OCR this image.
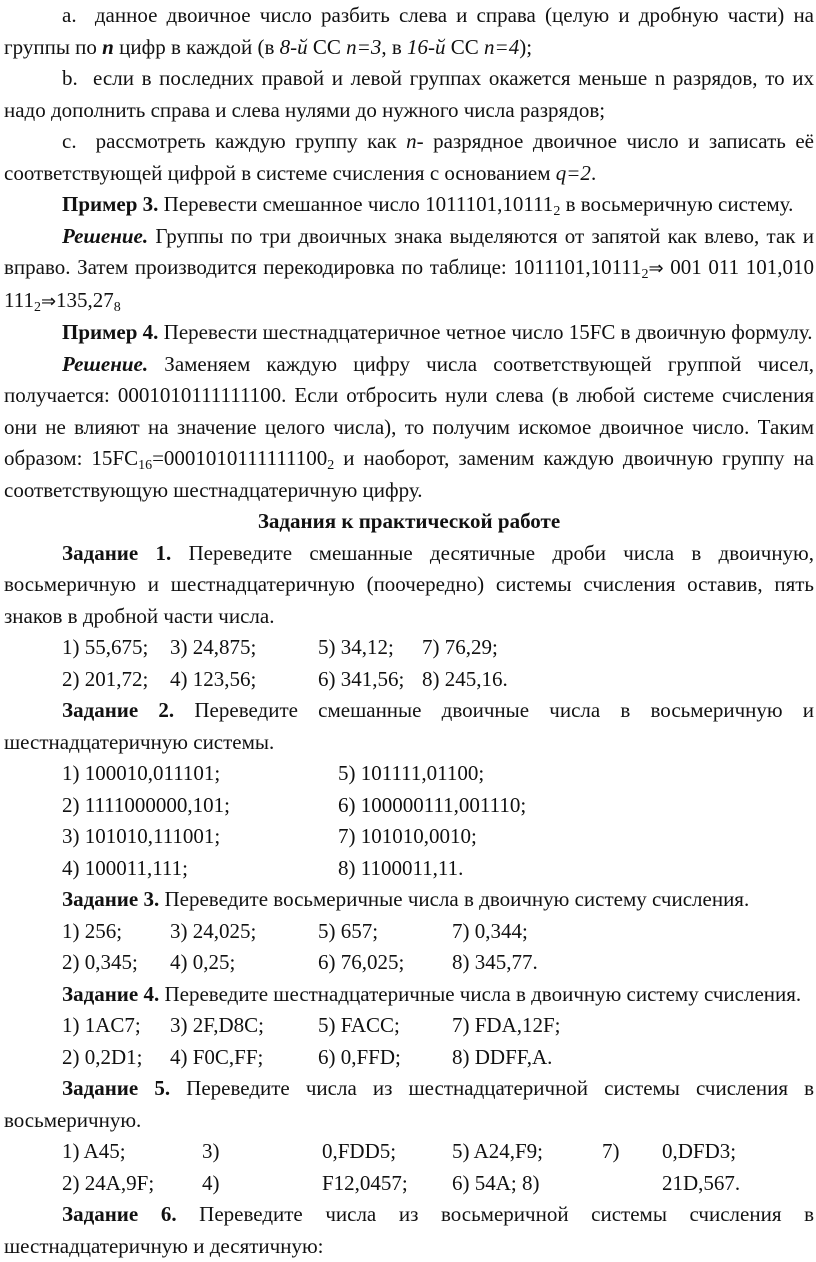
a. данное двоичное число разбить слева и справа (целую и дробную части) на группы по n цифр в каждой (в 8-й СС n=3, в 16-й СС n=4);

b. если в последних правой и левой группах окажется меньше n разрядов, то их надо дополнить справа и слева нулями до нужного числа разрядов;

c. рассмотреть каждую группу как n- разрядное двоичное число и записать её соответствующей цифрой в системе счисления с основанием q=2.

Пример 3. Перевести смешанное число $1011101,10111_2$ в восьмеричную систему.

Решение. Группы по три двоичных знака выделяются от запятой как влево, так и вправо. Затем производится перекодировка по таблице: $1011101,10111_2\Rightarrow$ 001 011 101,010 $111_2\Rightarrow 135,27_8$

Пример 4. Перевести шестнадцатеричное четное число 15FC в двоичную формулу.

Решение. Заменяем каждую цифру числа соответствующей группой чисел, получается: 0001010111111100. Если отбросить нули слева (в любой системе счисления они не влияют на значение целого числа), то получим искомое двоичное число. Таким образом: $15FC_{16}=0001010111111100_2$ и наоборот, заменим каждую двоичную группу на соответствующую шестнадцатеричную цифру.

Задания к практической работе

Задание 1. Переведите смешанные десятичные дроби числа в двоичную, восьмеричную и шестнадцатеричную (поочередно) системы счисления оставив, пять знаков в дробной части числа.

1) 55,675;	3) 24,875;	5) 34,12;	7) 76,29;
2) 201,72;	4) 123,56;	6) 341,56; 8) 245,16.

Задание 2. Переведите смешанные двоичные числа в восьмеричную и шестнадцатеричную системы.

1) 100010,011101;	5) 101111,01100;
2) 1111000000,101;	6) 100000111,001110;
3) 101010,111001;	7) 101010,0010;
4) 100011,111;	8) 1100011,11.

Задание 3. Переведите восьмеричные числа в двоичную систему счисления.

1) 256;	3) 24,025;	5) 657;	7) 0,344;
2) 0,345;	4) 0,25;	6) 76,025;	8) 345,77.

Задание 4. Переведите шестнадцатеричные числа в двоичную систему счисления.

1) 1AC7;	3) 2F,D8C;	5) FACC;	7) FDA,12F;
2) 0,2D1;	4) F0C,FF;	6) 0,FFD;	8) DDFF,A.

Задание 5. Переведите числа из шестнадцатеричной системы счисления в восьмеричную.

1) A45;	3)	0,FDD5;	5) A24,F9;	7)	0,DFD3;
2) 24A,9F;	4)	F12,0457;	6) 54A; 8)	21D,567.

Задание 6. Переведите числа из восьмеричной системы счисления в шестнадцатеричную и десятичную:
